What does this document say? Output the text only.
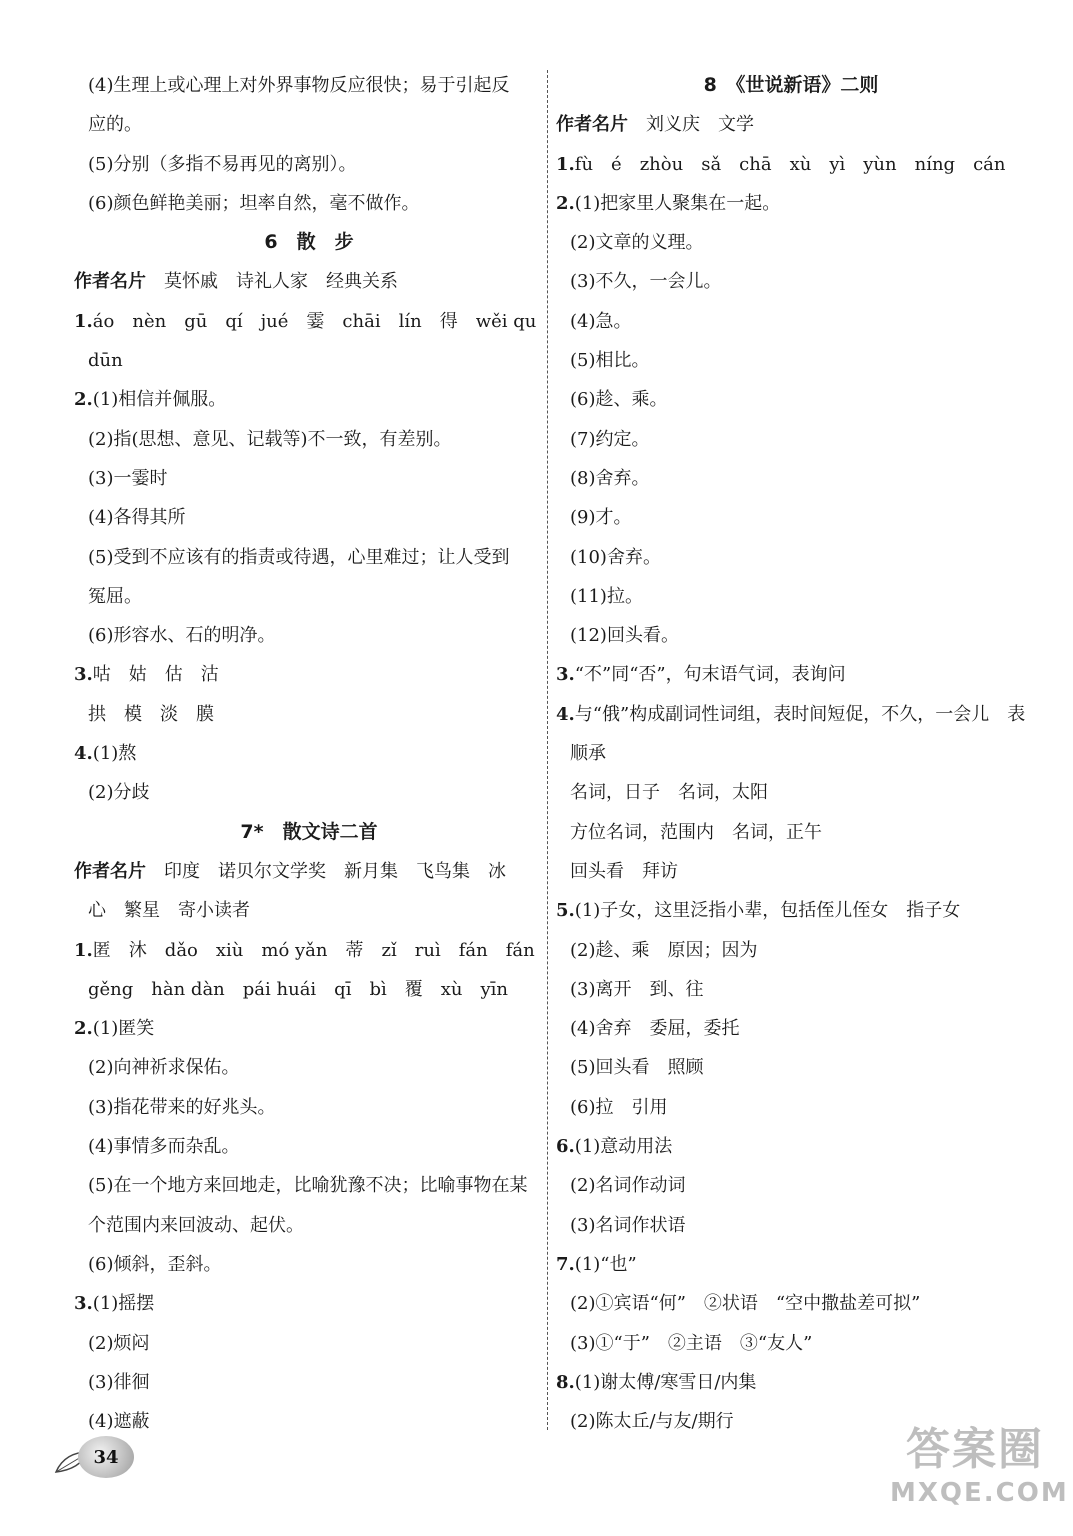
(4)生理上或心理上对外界事物反应很快；易于引起反
应的。
(5)分别（多指不易再见的离别）。
(6)颜色鲜艳美丽；坦率自然，毫不做作。
6　散　步
作者名片　莫怀戚　诗礼人家　经典关系
1.áo　nèn　gū　qí　jué　霎　chāi　lín　得　wěi qu
dūn
2.(1)相信并佩服。
(2)指(思想、意见、记载等)不一致，有差别。
(3)一霎时
(4)各得其所
(5)受到不应该有的指责或待遇，心里难过；让人受到
冤屈。
(6)形容水、石的明净。
3.咕　姑　估　沽
拱　模　淡　膜
4.(1)熬
(2)分歧
7*　散文诗二首
作者名片　印度　诺贝尔文学奖　新月集　飞鸟集　冰
心　繁星　寄小读者
1.匿　沐　dǎo　xiù　mó yǎn　蒂　zǐ　ruì　fán　fán
gěng　hàn dàn　pái huái　qī　bì　覆　xù　yīn
2.(1)匿笑
(2)向神祈求保佑。
(3)指花带来的好兆头。
(4)事情多而杂乱。
(5)在一个地方来回地走，比喻犹豫不决；比喻事物在某
个范围内来回波动、起伏。
(6)倾斜，歪斜。
3.(1)摇摆
(2)烦闷
(3)徘徊
(4)遮蔽
8　《世说新语》二则
作者名片　刘义庆　文学
1.fù　é　zhòu　sǎ　chā　xù　yì　yùn　níng　cán
2.(1)把家里人聚集在一起。
(2)文章的义理。
(3)不久，一会儿。
(4)急。
(5)相比。
(6)趁、乘。
(7)约定。
(8)舍弃。
(9)才。
(10)舍弃。
(11)拉。
(12)回头看。
3.“不”同“否”，句末语气词，表询问
4.与“俄”构成副词性词组，表时间短促，不久，一会儿　表
顺承
名词，日子　名词，太阳
方位名词，范围内　名词，正午
回头看　拜访
5.(1)子女，这里泛指小辈，包括侄儿侄女　指子女
(2)趁、乘　原因；因为
(3)离开　到、往
(4)舍弃　委屈，委托
(5)回头看　照顾
(6)拉　引用
6.(1)意动用法
(2)名词作动词
(3)名词作状语
7.(1)“也”
(2)①宾语“何”　②状语　“空中撒盐差可拟”
(3)①“于”　②主语　③“友人”
8.(1)谢太傅/寒雪日/内集
(2)陈太丘/与友/期行
34	答案圈
MXQE.COM
